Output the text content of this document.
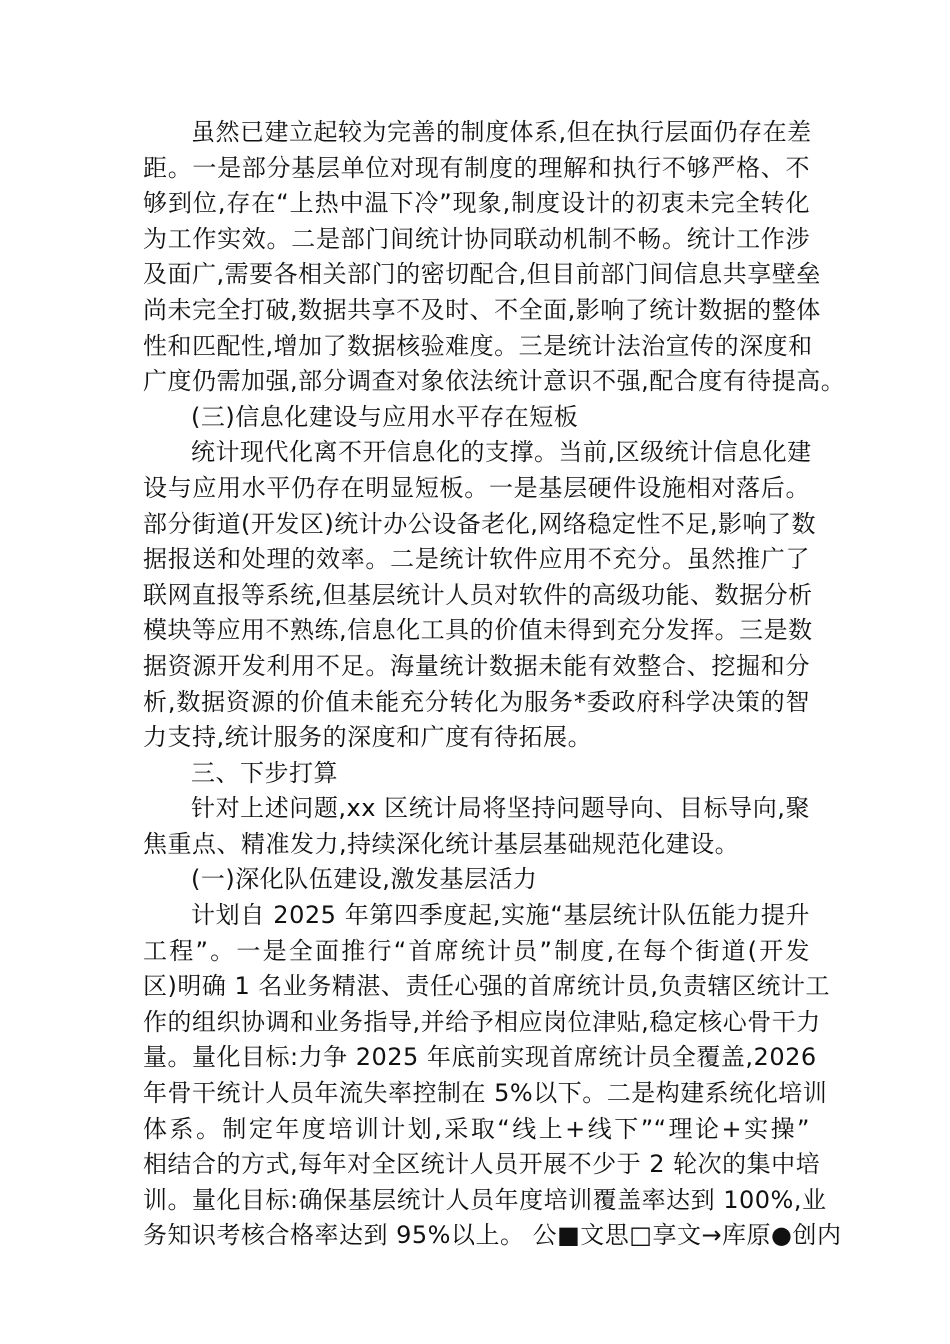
虽然已建立起较为完善的制度体系,但在执行层面仍存在差
距。一是部分基层单位对现有制度的理解和执行不够严格、不
够到位,存在“上热中温下冷”现象,制度设计的初衷未完全转化
为工作实效。二是部门间统计协同联动机制不畅。统计工作涉
及面广,需要各相关部门的密切配合,但目前部门间信息共享壁垒
尚未完全打破,数据共享不及时、不全面,影响了统计数据的整体
性和匹配性,增加了数据核验难度。三是统计法治宣传的深度和
广度仍需加强,部分调查对象依法统计意识不强,配合度有待提高。
(三)信息化建设与应用水平存在短板
统计现代化离不开信息化的支撑。当前,区级统计信息化建
设与应用水平仍存在明显短板。一是基层硬件设施相对落后。
部分街道(开发区)统计办公设备老化,网络稳定性不足,影响了数
据报送和处理的效率。二是统计软件应用不充分。虽然推广了
联网直报等系统,但基层统计人员对软件的高级功能、数据分析
模块等应用不熟练,信息化工具的价值未得到充分发挥。三是数
据资源开发利用不足。海量统计数据未能有效整合、挖掘和分
析,数据资源的价值未能充分转化为服务*委政府科学决策的智
力支持,统计服务的深度和广度有待拓展。
三、下步打算
针对上述问题,xx 区统计局将坚持问题导向、目标导向,聚
焦重点、精准发力,持续深化统计基层基础规范化建设。
(一)深化队伍建设,激发基层活力
计划自 2025 年第四季度起,实施“基层统计队伍能力提升
工程”。一是全面推行“首席统计员”制度,在每个街道(开发
区)明确 1 名业务精湛、责任心强的首席统计员,负责辖区统计工
作的组织协调和业务指导,并给予相应岗位津贴,稳定核心骨干力
量。量化目标:力争 2025 年底前实现首席统计员全覆盖,2026
年骨干统计人员年流失率控制在 5%以下。二是构建系统化培训
体系。制定年度培训计划,采取“线上+线下”“理论+实操”
相结合的方式,每年对全区统计人员开展不少于 2 轮次的集中培
训。量化目标:确保基层统计人员年度培训覆盖率达到 100%,业
务知识考核合格率达到 95%以上。 公■文思□享文→库原●创内
